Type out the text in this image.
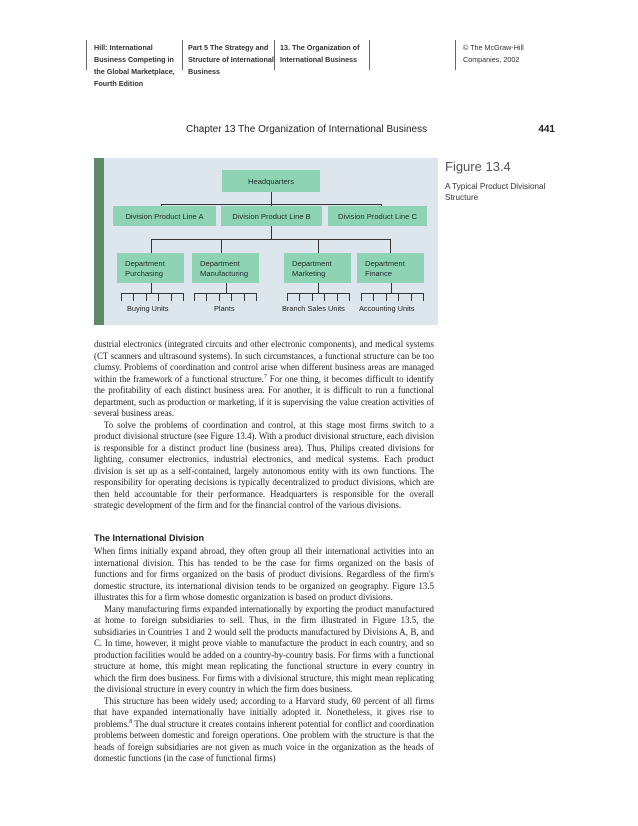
Hill: International Business Competing in the Global Marketplace, Fourth Edition
Part 5 The Strategy and Structure of International Business
13. The Organization of International Business
© The McGraw-Hill Companies, 2002
Chapter 13 The Organization of International Business	441
Headquarters
Division Product Line A	Division Product Line B	Division Product Line C
Department
Purchasing
Department
Manufacturing
Department
Marketing
Department
Finance
Buying Units	Plants	Branch Sales Units Accounting Units
Figure 13.4
A Typical Product Divisional Structure

dustrial electronics (integrated circuits and other electronic components), and medical systems (CT scanners and ultrasound systems). In such circumstances, a functional structure can be too clumsy. Problems of coordination and control arise when different business areas are managed within the framework of a functional structure.$^7$ For one thing, it becomes difficult to identify the profitability of each distinct business area. For another, it is difficult to run a functional department, such as production or marketing, if it is supervising the value creation activities of several business areas.

To solve the problems of coordination and control, at this stage most firms switch to a product divisional structure (see Figure 13.4). With a product divisional structure, each division is responsible for a distinct product line (business area). Thus, Philips created divisions for lighting, consumer electronics, industrial electronics, and medical systems. Each product division is set up as a self-contained, largely autonomous entity with its own functions. The responsibility for operating decisions is typically decentralized to product divisions, which are then held accountable for their performance. Headquarters is responsible for the overall strategic development of the firm and for the financial control of the various divisions.

The International Division

When firms initially expand abroad, they often group all their international activities into an international division. This has tended to be the case for firms organized on the basis of functions and for firms organized on the basis of product divisions. Regardless of the firm's domestic structure, its international division tends to be organized on geography. Figure 13.5 illustrates this for a firm whose domestic organization is based on product divisions.

Many manufacturing firms expanded internationally by exporting the product manufactured at home to foreign subsidiaries to sell. Thus, in the firm illustrated in Figure 13.5, the subsidiaries in Countries 1 and 2 would sell the products manufactured by Divisions A, B, and C. In time, however, it might prove viable to manufacture the product in each country, and so production facilities would be added on a country-by-country basis. For firms with a functional structure at home, this might mean replicating the functional structure in every country in which the firm does business. For firms with a divisional structure, this might mean replicating the divisional structure in every country in which the firm does business.

This structure has been widely used; according to a Harvard study, 60 percent of all firms that have expanded internationally have initially adopted it. Nonetheless, it gives rise to problems.$^8$ The dual structure it creates contains inherent potential for conflict and coordination problems between domestic and foreign operations. One problem with the structure is that the heads of foreign subsidiaries are not given as much voice in the organization as the heads of domestic functions (in the case of functional firms)
